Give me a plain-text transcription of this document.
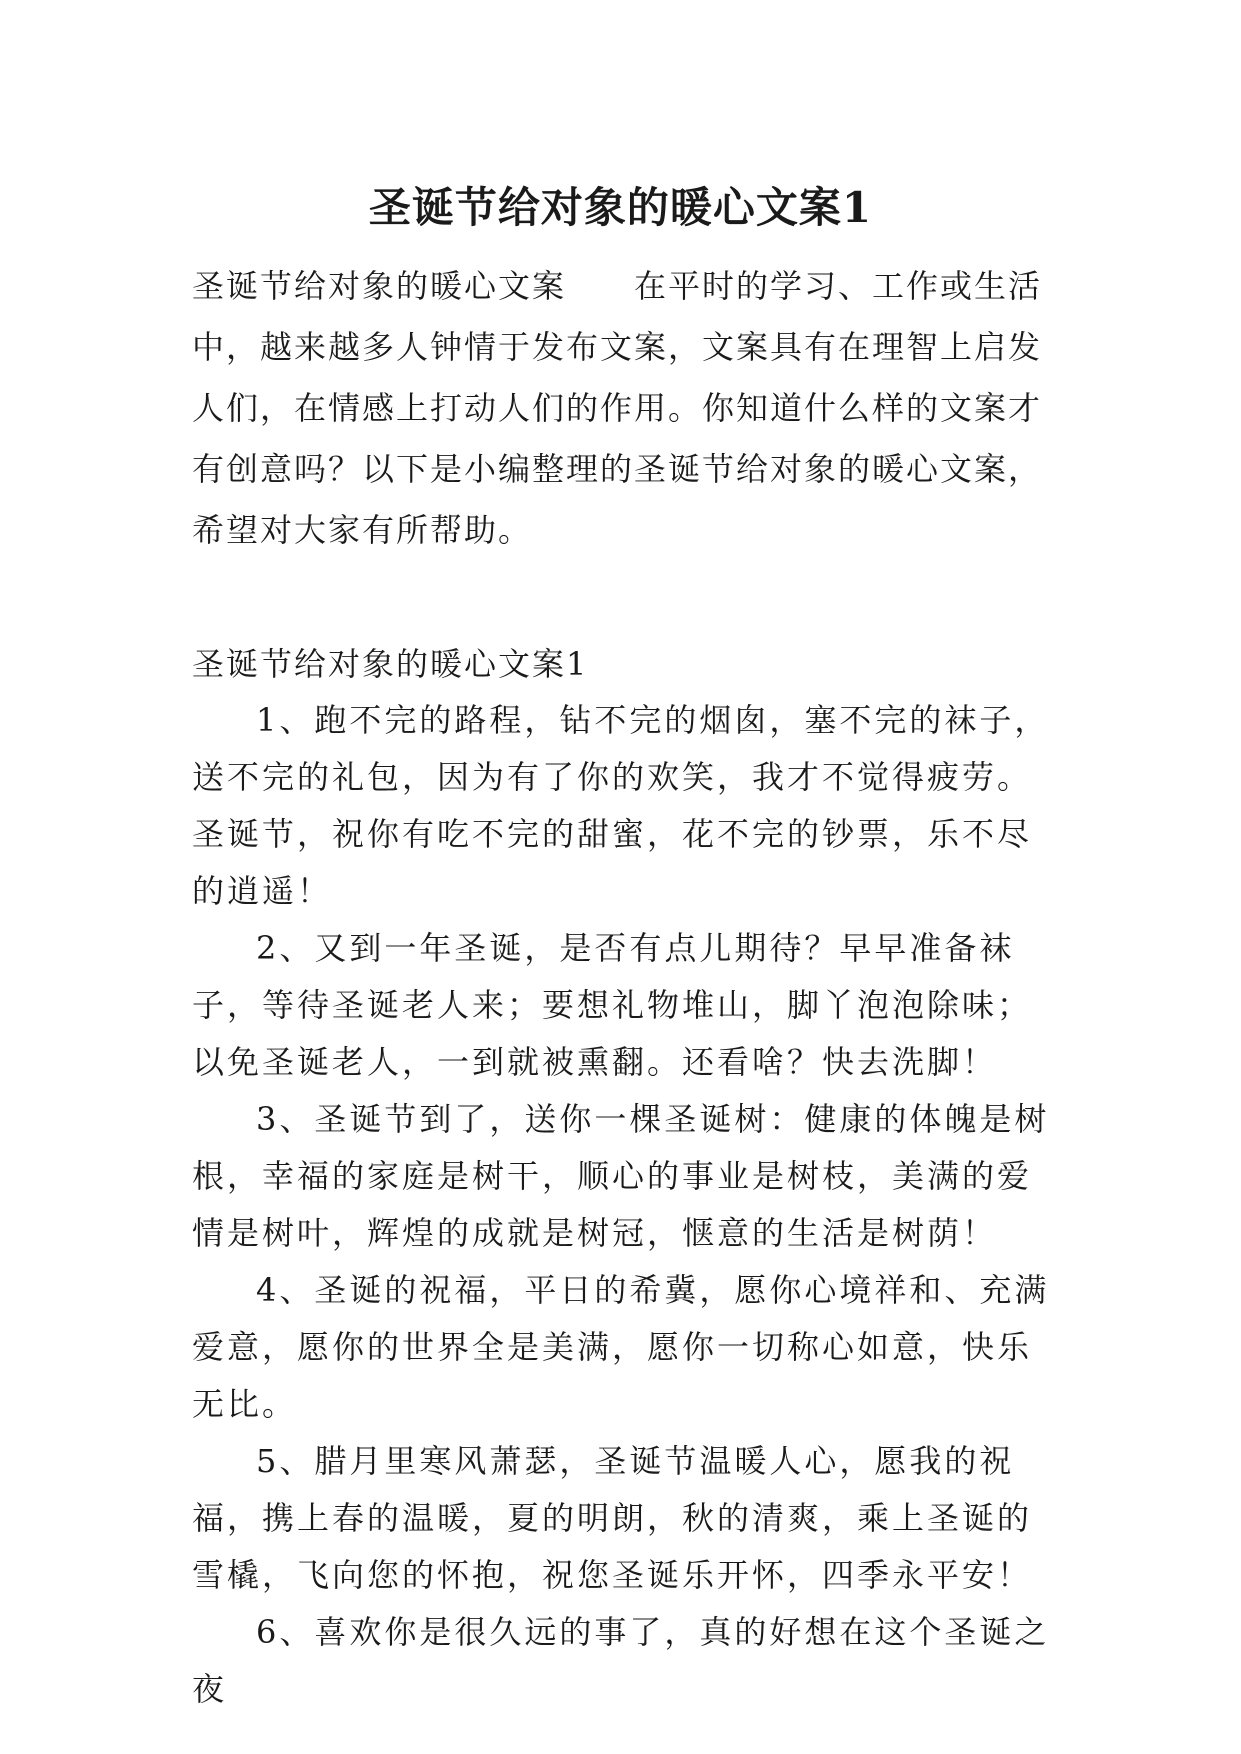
圣诞节给对象的暖心文案1

圣诞节给对象的暖心文案 在平时的学习、工作或生活中，越来越多人钟情于发布文案，文案具有在理智上启发人们，在情感上打动人们的作用。你知道什么样的文案才有创意吗？以下是小编整理的圣诞节给对象的暖心文案，希望对大家有所帮助。

圣诞节给对象的暖心文案1

1、跑不完的路程，钻不完的烟囱，塞不完的袜子，送不完的礼包，因为有了你的欢笑，我才不觉得疲劳。圣诞节，祝你有吃不完的甜蜜，花不完的钞票，乐不尽的逍遥！

2、又到一年圣诞，是否有点儿期待？早早准备袜子，等待圣诞老人来；要想礼物堆山，脚丫泡泡除味；以免圣诞老人，一到就被熏翻。还看啥？快去洗脚！

3、圣诞节到了，送你一棵圣诞树：健康的体魄是树根，幸福的家庭是树干，顺心的事业是树枝，美满的爱情是树叶，辉煌的成就是树冠，惬意的生活是树荫！

4、圣诞的祝福，平日的希冀，愿你心境祥和、充满爱意，愿你的世界全是美满，愿你一切称心如意，快乐无比。

5、腊月里寒风萧瑟，圣诞节温暖人心，愿我的祝福，携上春的温暖，夏的明朗，秋的清爽，乘上圣诞的雪橇，飞向您的怀抱，祝您圣诞乐开怀，四季永平安！

6、喜欢你是很久远的事了，真的好想在这个圣诞之夜
